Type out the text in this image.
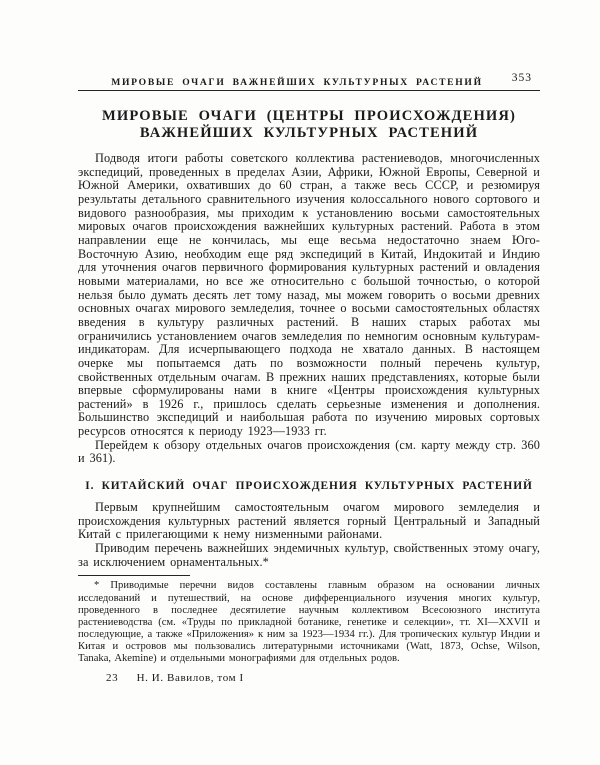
МИРОВЫЕ ОЧАГИ ВАЖНЕЙШИХ КУЛЬТУРНЫХ РАСТЕНИЙ	353
МИРОВЫЕ ОЧАГИ (ЦЕНТРЫ ПРОИСХОЖДЕНИЯ)
ВАЖНЕЙШИХ КУЛЬТУРНЫХ РАСТЕНИЙ

Подводя итоги работы советского коллектива растениеводов, многочисленных экспедиций, проведенных в пределах Азии, Африки, Южной Европы, Северной и Южной Америки, охвативших до 60 стран, а также весь СССР, и резюмируя результаты детального сравнительного изучения колоссального нового сортового и видового разнообразия, мы приходим к установлению восьми самостоятельных мировых очагов происхождения важнейших культурных растений. Работа в этом направлении еще не кончилась, мы еще весьма недостаточно знаем Юго-Восточную Азию, необходим еще ряд экспедиций в Китай, Индокитай и Индию для уточнения очагов первичного формирования культурных растений и овладения новыми материалами, но все же относительно с большой точностью, о которой нельзя было думать десять лет тому назад, мы можем говорить о восьми древних основных очагах мирового земледелия, точнее о восьми самостоятельных областях введения в культуру различных растений. В наших старых работах мы ограничились установлением очагов земледелия по немногим основным культурам-индикаторам. Для исчерпывающего подхода не хватало данных. В настоящем очерке мы попытаемся дать по возможности полный перечень культур, свойственных отдельным очагам. В прежних наших представлениях, которые были впервые сформулированы нами в книге «Центры происхождения культурных растений» в 1926 г., пришлось сделать серьезные изменения и дополнения. Большинство экспедиций и наибольшая работа по изучению мировых сортовых ресурсов относятся к периоду 1923—1933 гг.

Перейдем к обзору отдельных очагов происхождения (см. карту между стр. 360 и 361).

I. КИТАЙСКИЙ ОЧАГ ПРОИСХОЖДЕНИЯ КУЛЬТУРНЫХ РАСТЕНИЙ

Первым крупнейшим самостоятельным очагом мирового земледелия и происхождения культурных растений является горный Центральный и Западный Китай с прилегающими к нему низменными районами.

Приводим перечень важнейших эндемичных культур, свойственных этому очагу, за исключением орнаментальных.*

* Приводимые перечни видов составлены главным образом на основании личных исследований и путешествий, на основе дифференциального изучения многих культур, проведенного в последнее десятилетие научным коллективом Всесоюзного института растениеводства (см. «Труды по прикладной ботанике, генетике и селекции», тт. XI—XXVII и последующие, а также «Приложения» к ним за 1923—1934 гг.). Для тропических культур Индии и Китая и островов мы пользовались литературными источниками (Watt, 1873, Ochse, Wilson, Tanaka, Akemine) и отдельными монографиями для отдельных родов.

23 Н. И. Вавилов, том I
